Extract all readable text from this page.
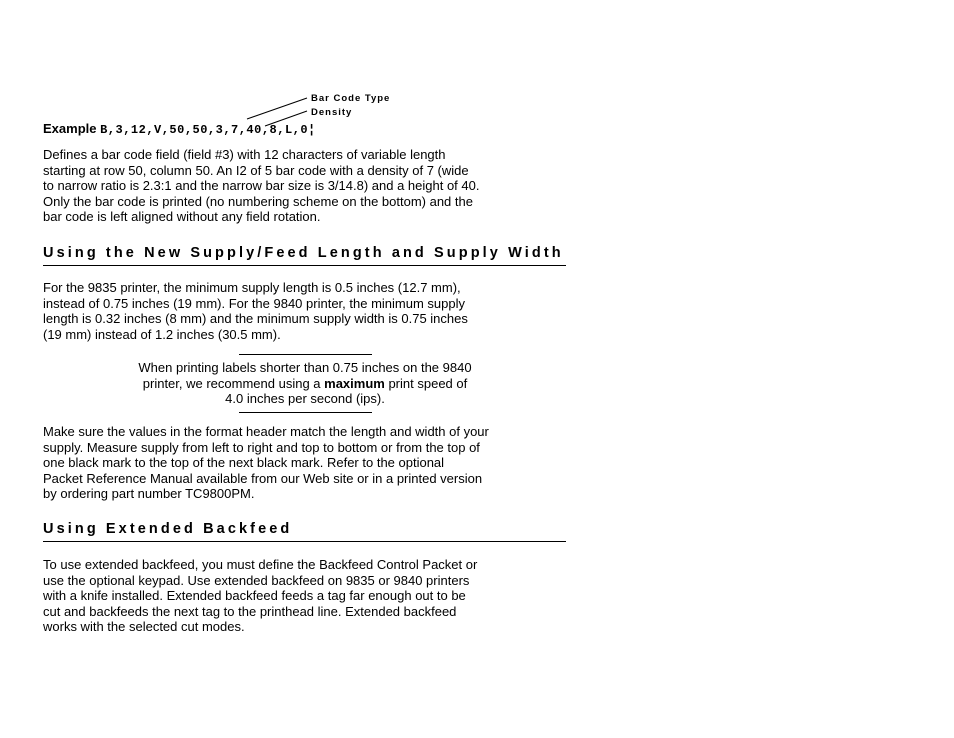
Bar Code Type
Density
Example B,3,12,V,50,50,3,7,40,8,L,0¦

Defines a bar code field (field #3) with 12 characters of variable length
starting at row 50, column 50. An I2 of 5 bar code with a density of 7 (wide
to narrow ratio is 2.3:1 and the narrow bar size is 3/14.8) and a height of 40.
Only the bar code is printed (no numbering scheme on the bottom) and the
bar code is left aligned without any field rotation.

Using the New Supply/Feed Length and Supply Width

For the 9835 printer, the minimum supply length is 0.5 inches (12.7 mm),
instead of 0.75 inches (19 mm). For the 9840 printer, the minimum supply
length is 0.32 inches (8 mm) and the minimum supply width is 0.75 inches
(19 mm) instead of 1.2 inches (30.5 mm).

When printing labels shorter than 0.75 inches on the 9840
printer, we recommend using a maximum print speed of
4.0 inches per second (ips).

Make sure the values in the format header match the length and width of your
supply. Measure supply from left to right and top to bottom or from the top of
one black mark to the top of the next black mark. Refer to the optional
Packet Reference Manual available from our Web site or in a printed version
by ordering part number TC9800PM.

Using Extended Backfeed

To use extended backfeed, you must define the Backfeed Control Packet or
use the optional keypad. Use extended backfeed on 9835 or 9840 printers
with a knife installed. Extended backfeed feeds a tag far enough out to be
cut and backfeeds the next tag to the printhead line. Extended backfeed
works with the selected cut modes.
